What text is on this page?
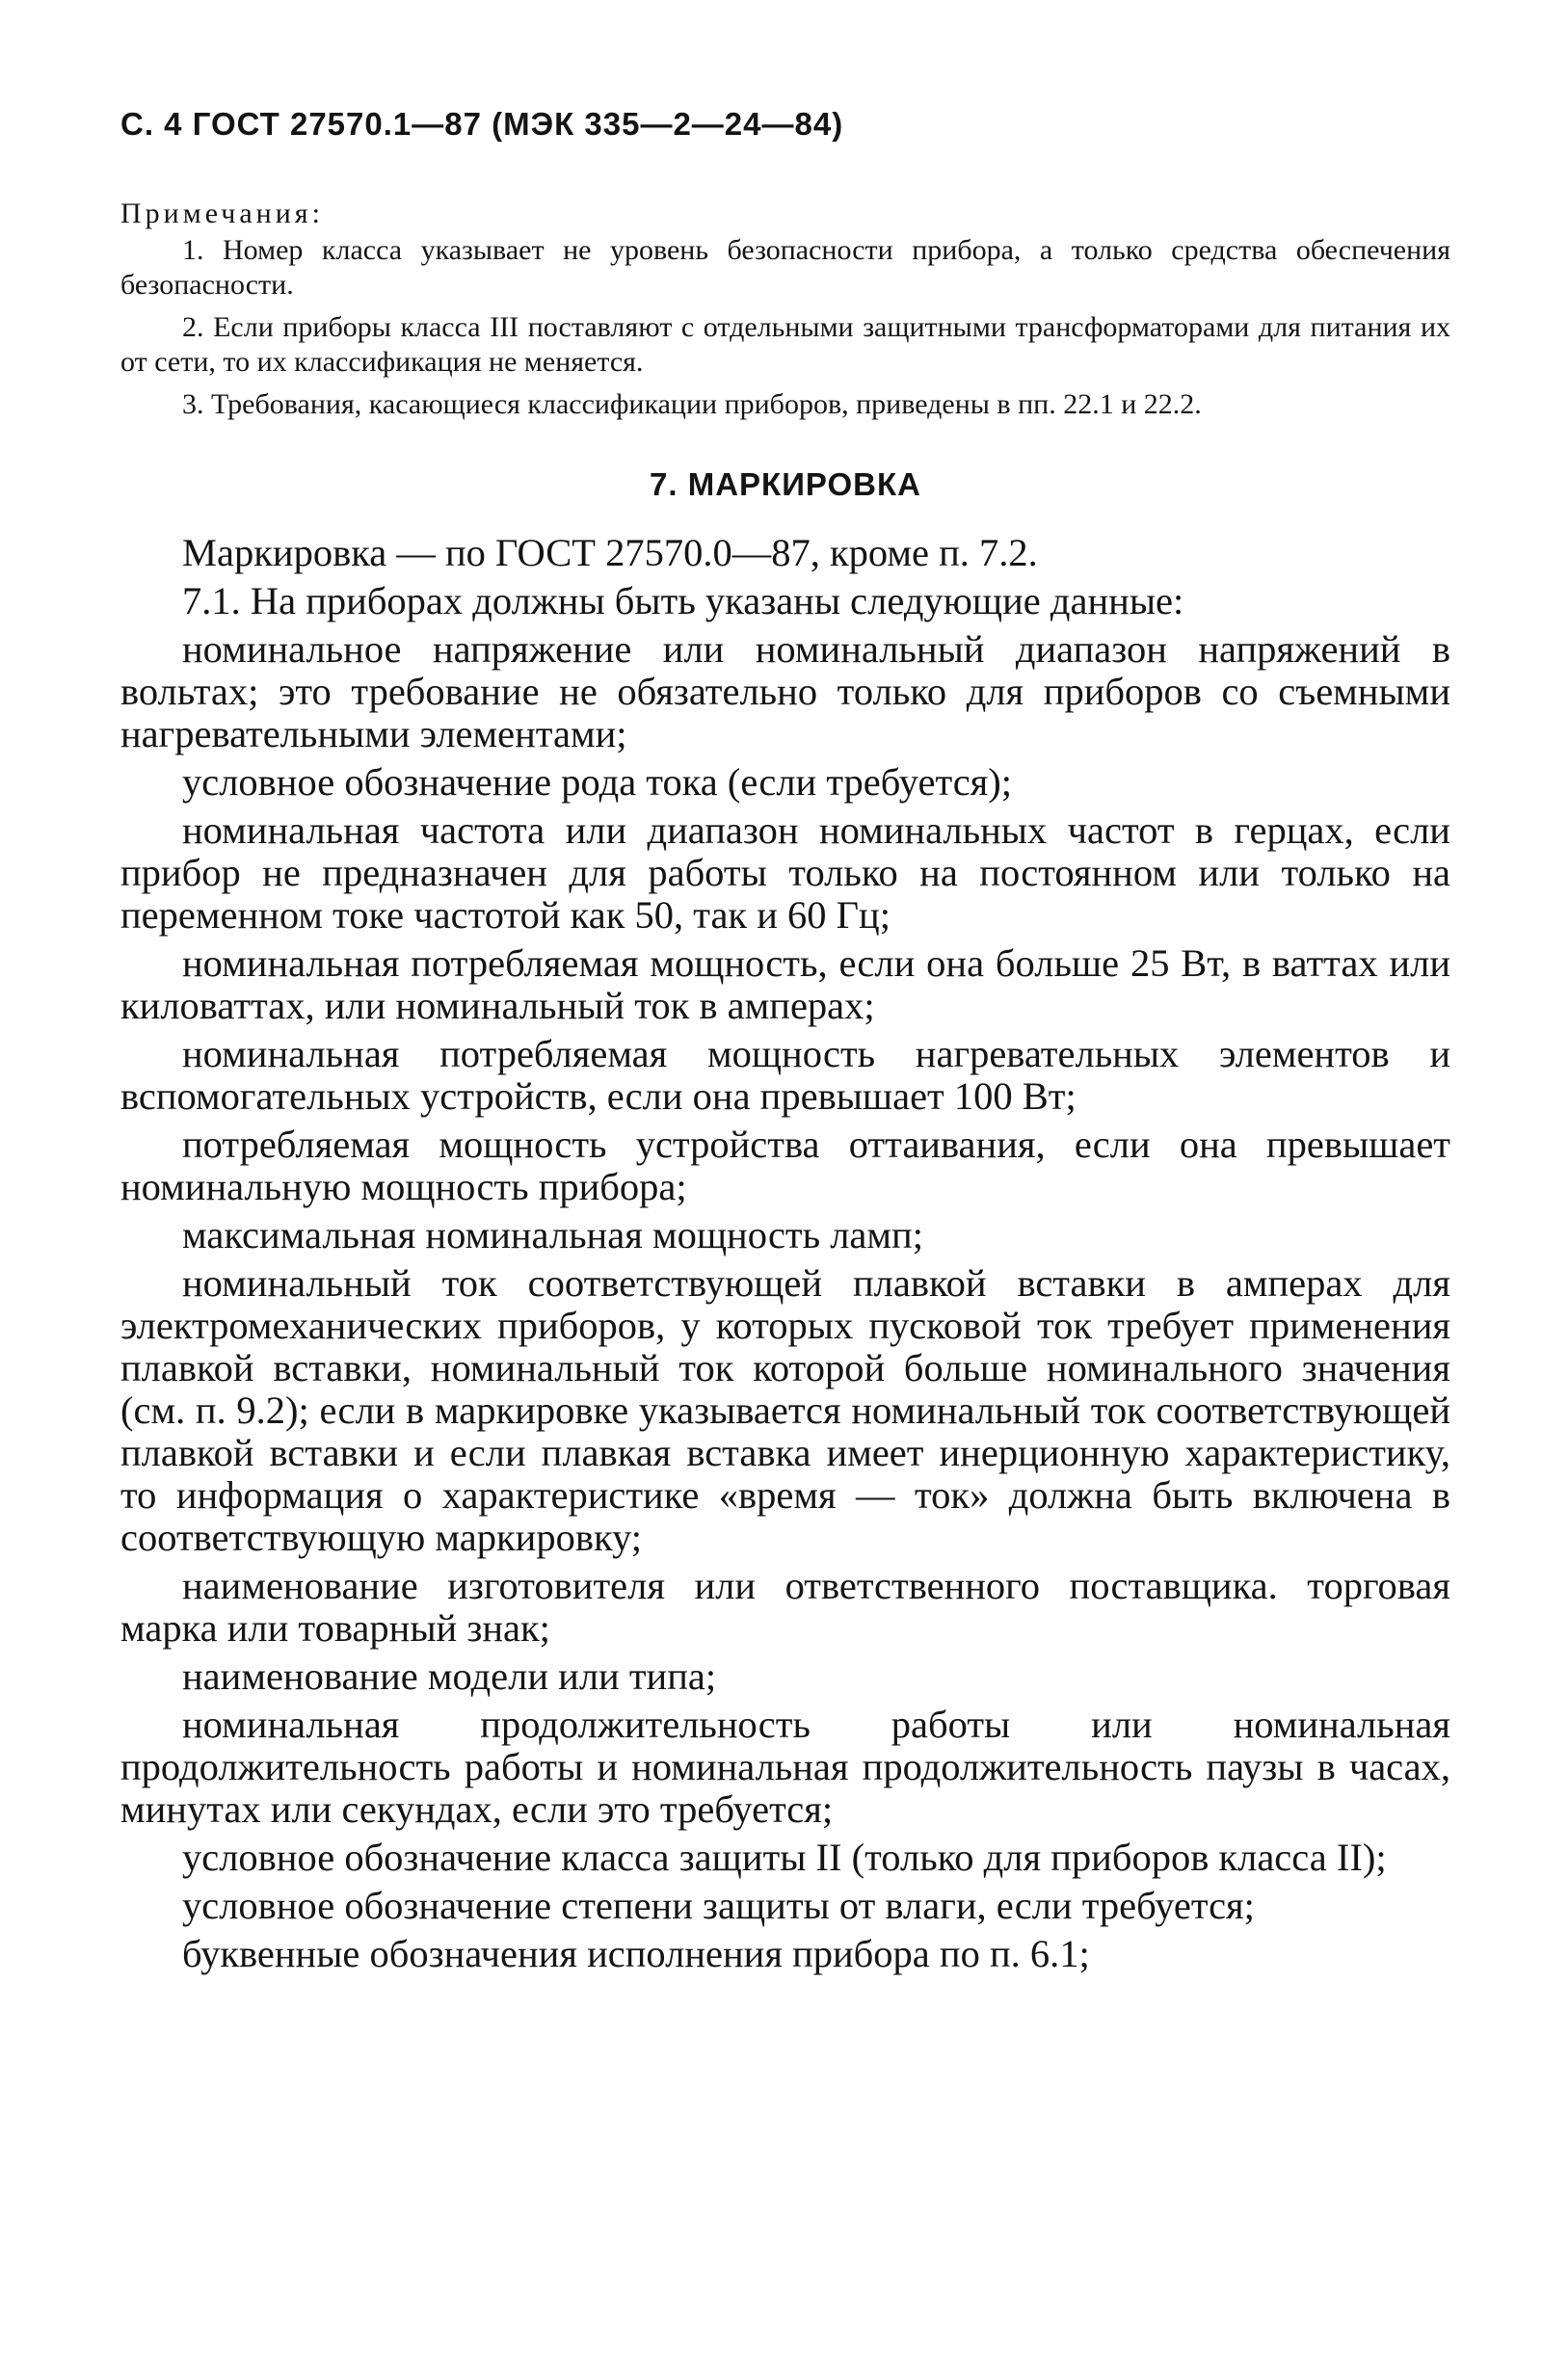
С. 4 ГОСТ 27570.1—87 (МЭК 335—2—24—84)
Примечания:

1. Номер класса указывает не уровень безопасности прибора, а только средства обеспечения безопасности.

2. Если приборы класса III поставляют с отдельными защитными трансформаторами для питания их от сети, то их классификация не меняется.

3. Требования, касающиеся классификации приборов, приведены в пп. 22.1 и 22.2.

7. МАРКИРОВКА

Маркировка — по ГОСТ 27570.0—87, кроме п. 7.2.

7.1. На приборах должны быть указаны следующие данные:

номинальное напряжение или номинальный диапазон напряжений в вольтах; это требование не обязательно только для приборов со съемными нагревательными элементами;

условное обозначение рода тока (если требуется);

номинальная частота или диапазон номинальных частот в герцах, если прибор не предназначен для работы только на постоянном или только на переменном токе частотой как 50, так и 60 Гц;

номинальная потребляемая мощность, если она больше 25 Вт, в ваттах или киловаттах, или номинальный ток в амперах;

номинальная потребляемая мощность нагревательных элементов и вспомогательных устройств, если она превышает 100 Вт;

потребляемая мощность устройства оттаивания, если она превышает номинальную мощность прибора;

максимальная номинальная мощность ламп;

номинальный ток соответствующей плавкой вставки в амперах для электромеханических приборов, у которых пусковой ток требует применения плавкой вставки, номинальный ток которой больше номинального значения (см. п. 9.2); если в маркировке указывается номинальный ток соответствующей плавкой вставки и если плавкая вставка имеет инерционную характеристику, то информация о характеристике «время — ток» должна быть включена в соответствующую маркировку;

наименование изготовителя или ответственного поставщика. торговая марка или товарный знак;

наименование модели или типа;

номинальная продолжительность работы или номинальная продолжительность работы и номинальная продолжительность паузы в часах, минутах или секундах, если это требуется;

условное обозначение класса защиты II (только для приборов класса II);

условное обозначение степени защиты от влаги, если требуется;

буквенные обозначения исполнения прибора по п. 6.1;
